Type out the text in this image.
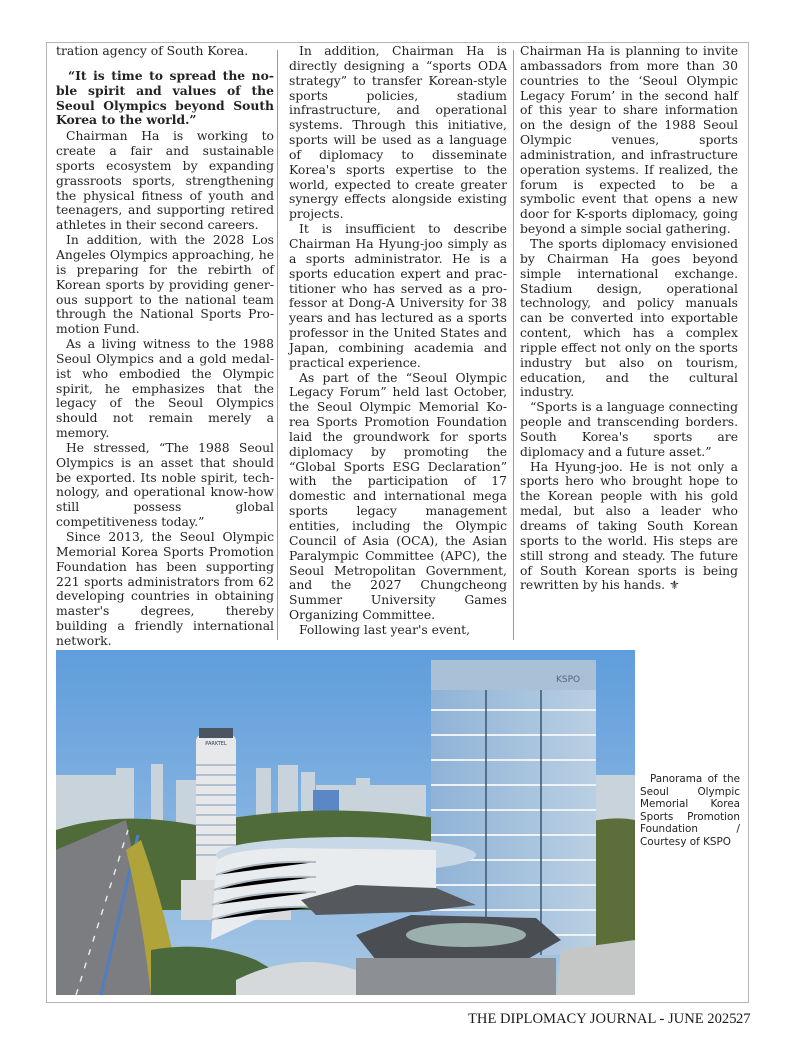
tration agency of South Korea.

“It is time to spread the noble spirit and values of the Seoul Olympics beyond South Korea to the world.”

Chairman Ha is working to create a fair and sustainable sports ecosystem by expanding grassroots sports, strengthening the physical fitness of youth and teenagers, and supporting retired athletes in their second careers.

In addition, with the 2028 Los Angeles Olympics approaching, he is preparing for the rebirth of Korean sports by providing generous support to the national team through the National Sports Promotion Fund.

As a living witness to the 1988 Seoul Olympics and a gold medalist who embodied the Olympic spirit, he emphasizes that the legacy of the Seoul Olympics should not remain merely a memory.

He stressed, “The 1988 Seoul Olympics is an asset that should be exported. Its noble spirit, technology, and operational know-how still possess global competitiveness today.”

Since 2013, the Seoul Olympic Memorial Korea Sports Promotion Foundation has been supporting 221 sports administrators from 62 developing countries in obtaining master's degrees, thereby building a friendly international network.

In addition, Chairman Ha is directly designing a “sports ODA strategy” to transfer Korean-style sports policies, stadium infrastructure, and operational systems. Through this initiative, sports will be used as a language of diplomacy to disseminate Korea's sports expertise to the world, expected to create greater synergy effects alongside existing projects.

It is insufficient to describe Chairman Ha Hyung-joo simply as a sports administrator. He is a sports education expert and practitioner who has served as a professor at Dong-A University for 38 years and has lectured as a sports professor in the United States and Japan, combining academia and practical experience.

As part of the “Seoul Olympic Legacy Forum” held last October, the Seoul Olympic Memorial Korea Sports Promotion Foundation laid the groundwork for sports diplomacy by promoting the “Global Sports ESG Declaration” with the participation of 17 domestic and international mega sports legacy management entities, including the Olympic Council of Asia (OCA), the Asian Paralympic Committee (APC), the Seoul Metropolitan Government, and the 2027 Chungcheong Summer University Games Organizing Committee.

Following last year's event,

Chairman Ha is planning to invite ambassadors from more than 30 countries to the ‘Seoul Olympic Legacy Forum’ in the second half of this year to share information on the design of the 1988 Seoul Olympic venues, sports administration, and infrastructure operation systems. If realized, the forum is expected to be a symbolic event that opens a new door for K-sports diplomacy, going beyond a simple social gathering.

The sports diplomacy envisioned by Chairman Ha goes beyond simple international exchange. Stadium design, operational technology, and policy manuals can be converted into exportable content, which has a complex ripple effect not only on the sports industry but also on tourism, education, and the cultural industry.

“Sports is a language connecting people and transcending borders. South Korea's sports are diplomacy and a future asset.”

Ha Hyung-joo. He is not only a sports hero who brought hope to the Korean people with his gold medal, but also a leader who dreams of taking South Korean sports to the world. His steps are still strong and steady. The future of South Korean sports is being rewritten by his hands. ⚜

PARKTEL
KSPO
Panorama of the Seoul Olympic Memorial Korea Sports Promotion Foundation / Courtesy of KSPO
THE DIPLOMACY JOURNAL - JUNE 2025 27
